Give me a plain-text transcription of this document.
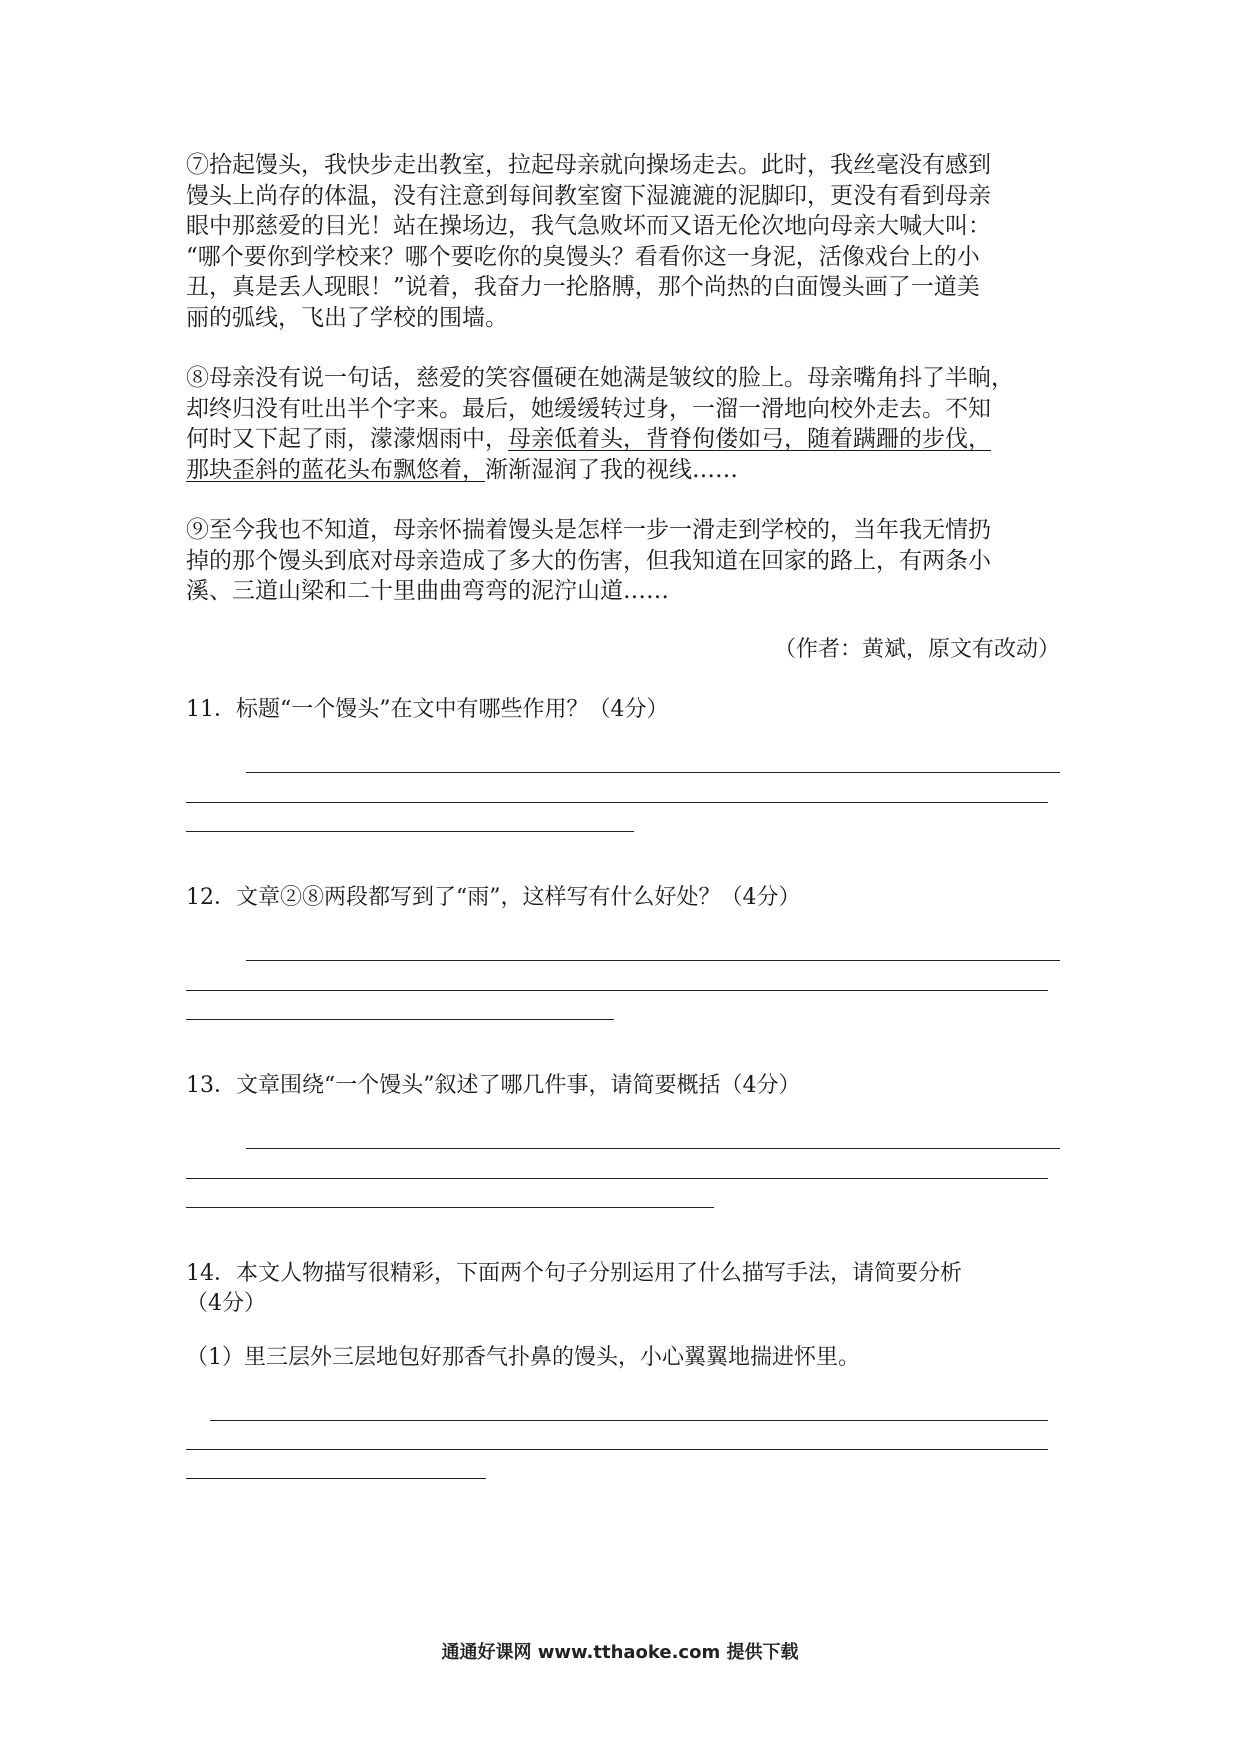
⑦拾起馒头，我快步走出教室，拉起母亲就向操场走去。此时，我丝毫没有感到
馒头上尚存的体温，没有注意到每间教室窗下湿漉漉的泥脚印，更没有看到母亲
眼中那慈爱的目光！站在操场边，我气急败坏而又语无伦次地向母亲大喊大叫：
“哪个要你到学校来？哪个要吃你的臭馒头？看看你这一身泥，活像戏台上的小
丑，真是丢人现眼！”说着，我奋力一抡胳膊，那个尚热的白面馒头画了一道美
丽的弧线，飞出了学校的围墙。
⑧母亲没有说一句话，慈爱的笑容僵硬在她满是皱纹的脸上。母亲嘴角抖了半晌，
却终归没有吐出半个字来。最后，她缓缓转过身，一溜一滑地向校外走去。不知
何时又下起了雨，濛濛烟雨中，母亲低着头，背脊佝偻如弓，随着蹒跚的步伐，
那块歪斜的蓝花头布飘悠着，渐渐湿润了我的视线……
⑨至今我也不知道，母亲怀揣着馒头是怎样一步一滑走到学校的，当年我无情扔
掉的那个馒头到底对母亲造成了多大的伤害，但我知道在回家的路上，有两条小
溪、三道山梁和二十里曲曲弯弯的泥泞山道……
（作者：黄斌，原文有改动）

11．标题“一个馒头”在文中有哪些作用？（4分）

12．文章②⑧两段都写到了“雨”，这样写有什么好处？（4分）

13．文章围绕“一个馒头”叙述了哪几件事，请简要概括（4分）

14．本文人物描写很精彩，下面两个句子分别运用了什么描写手法，请简要分析
（4分）

（1）里三层外三层地包好那香气扑鼻的馒头，小心翼翼地揣进怀里。

通通好课网 www.tthaoke.com 提供下载
